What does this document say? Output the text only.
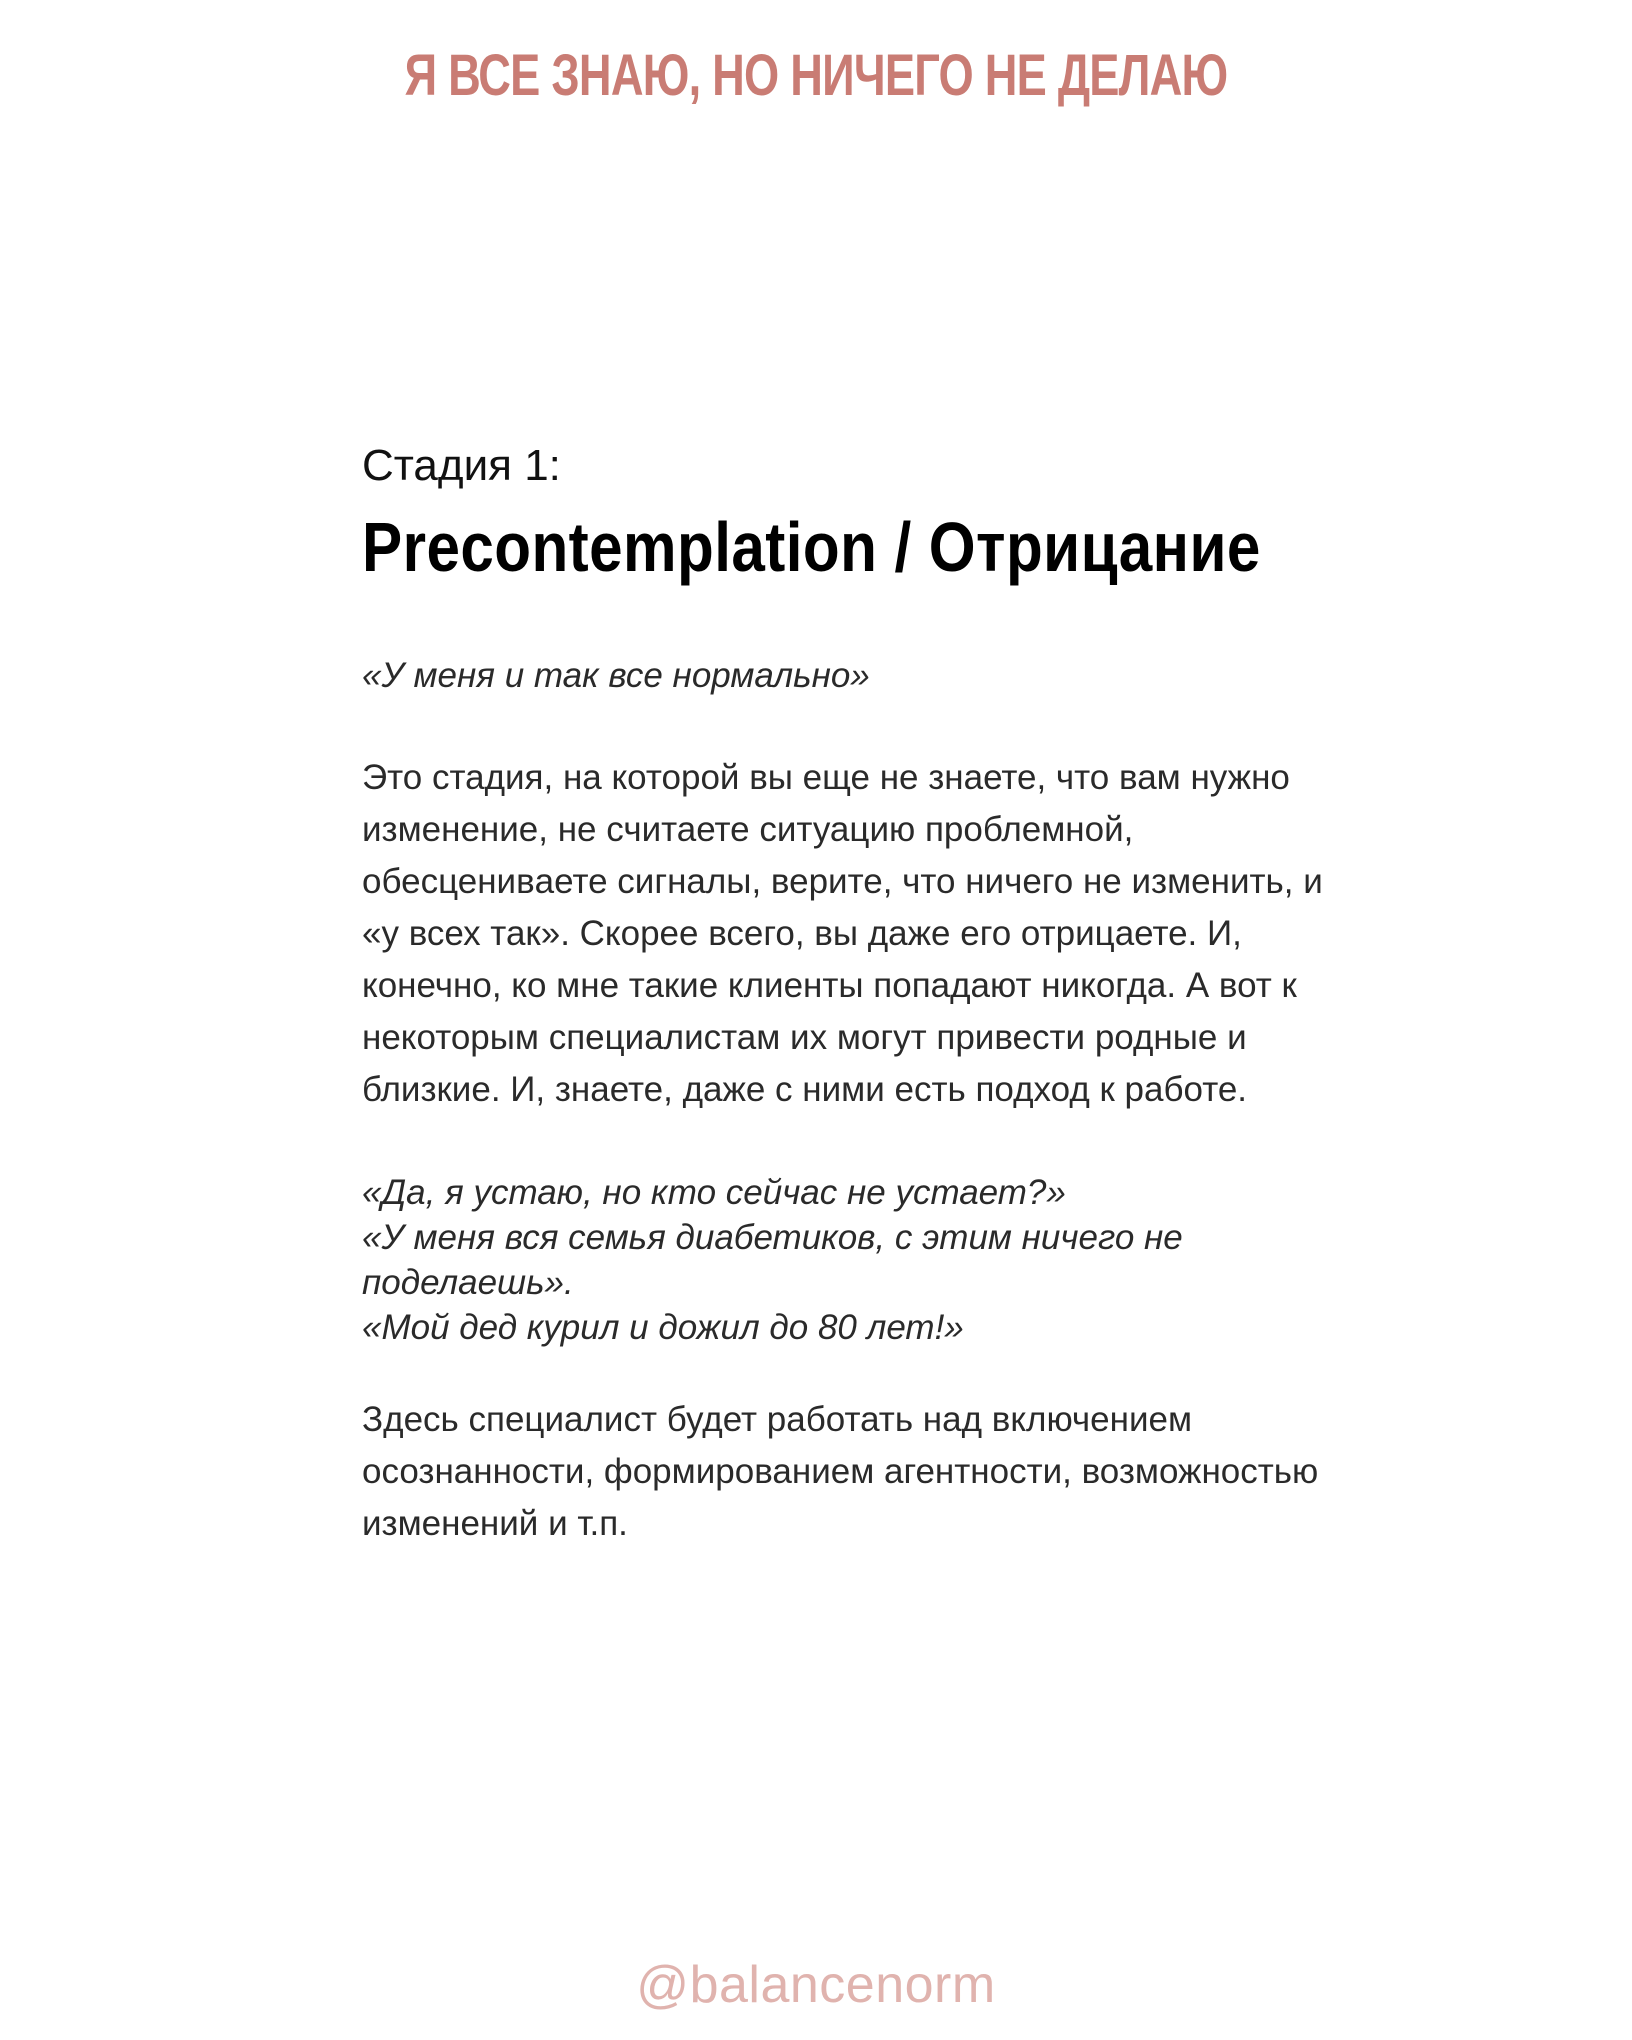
Я ВСЕ ЗНАЮ, НО НИЧЕГО НЕ ДЕЛАЮ

Стадия 1:

Precontemplation / Отрицание

«У меня и так все нормально»

Это стадия, на которой вы еще не знаете, что вам нужно изменение, не считаете ситуацию проблемной, обесценивaете сигналы, верите, что ничего не изменить, и «у всех так». Скорее всего, вы даже его отрицаете. И, конечно, ко мне такие клиенты попадают никогда. А вот к некоторым специалистам их могут привести родные и близкие. И, знаете, даже с ними есть подход к работе.

«Да, я устаю, но кто сейчас не устает?»
«У меня вся семья диабетиков, с этим ничего не поделаешь».
«Мой дед курил и дожил до 80 лет!»

Здесь специалист будет работать над включением осознанности, формированием агентности, возможностью изменений и т.п.

@balancenorm
